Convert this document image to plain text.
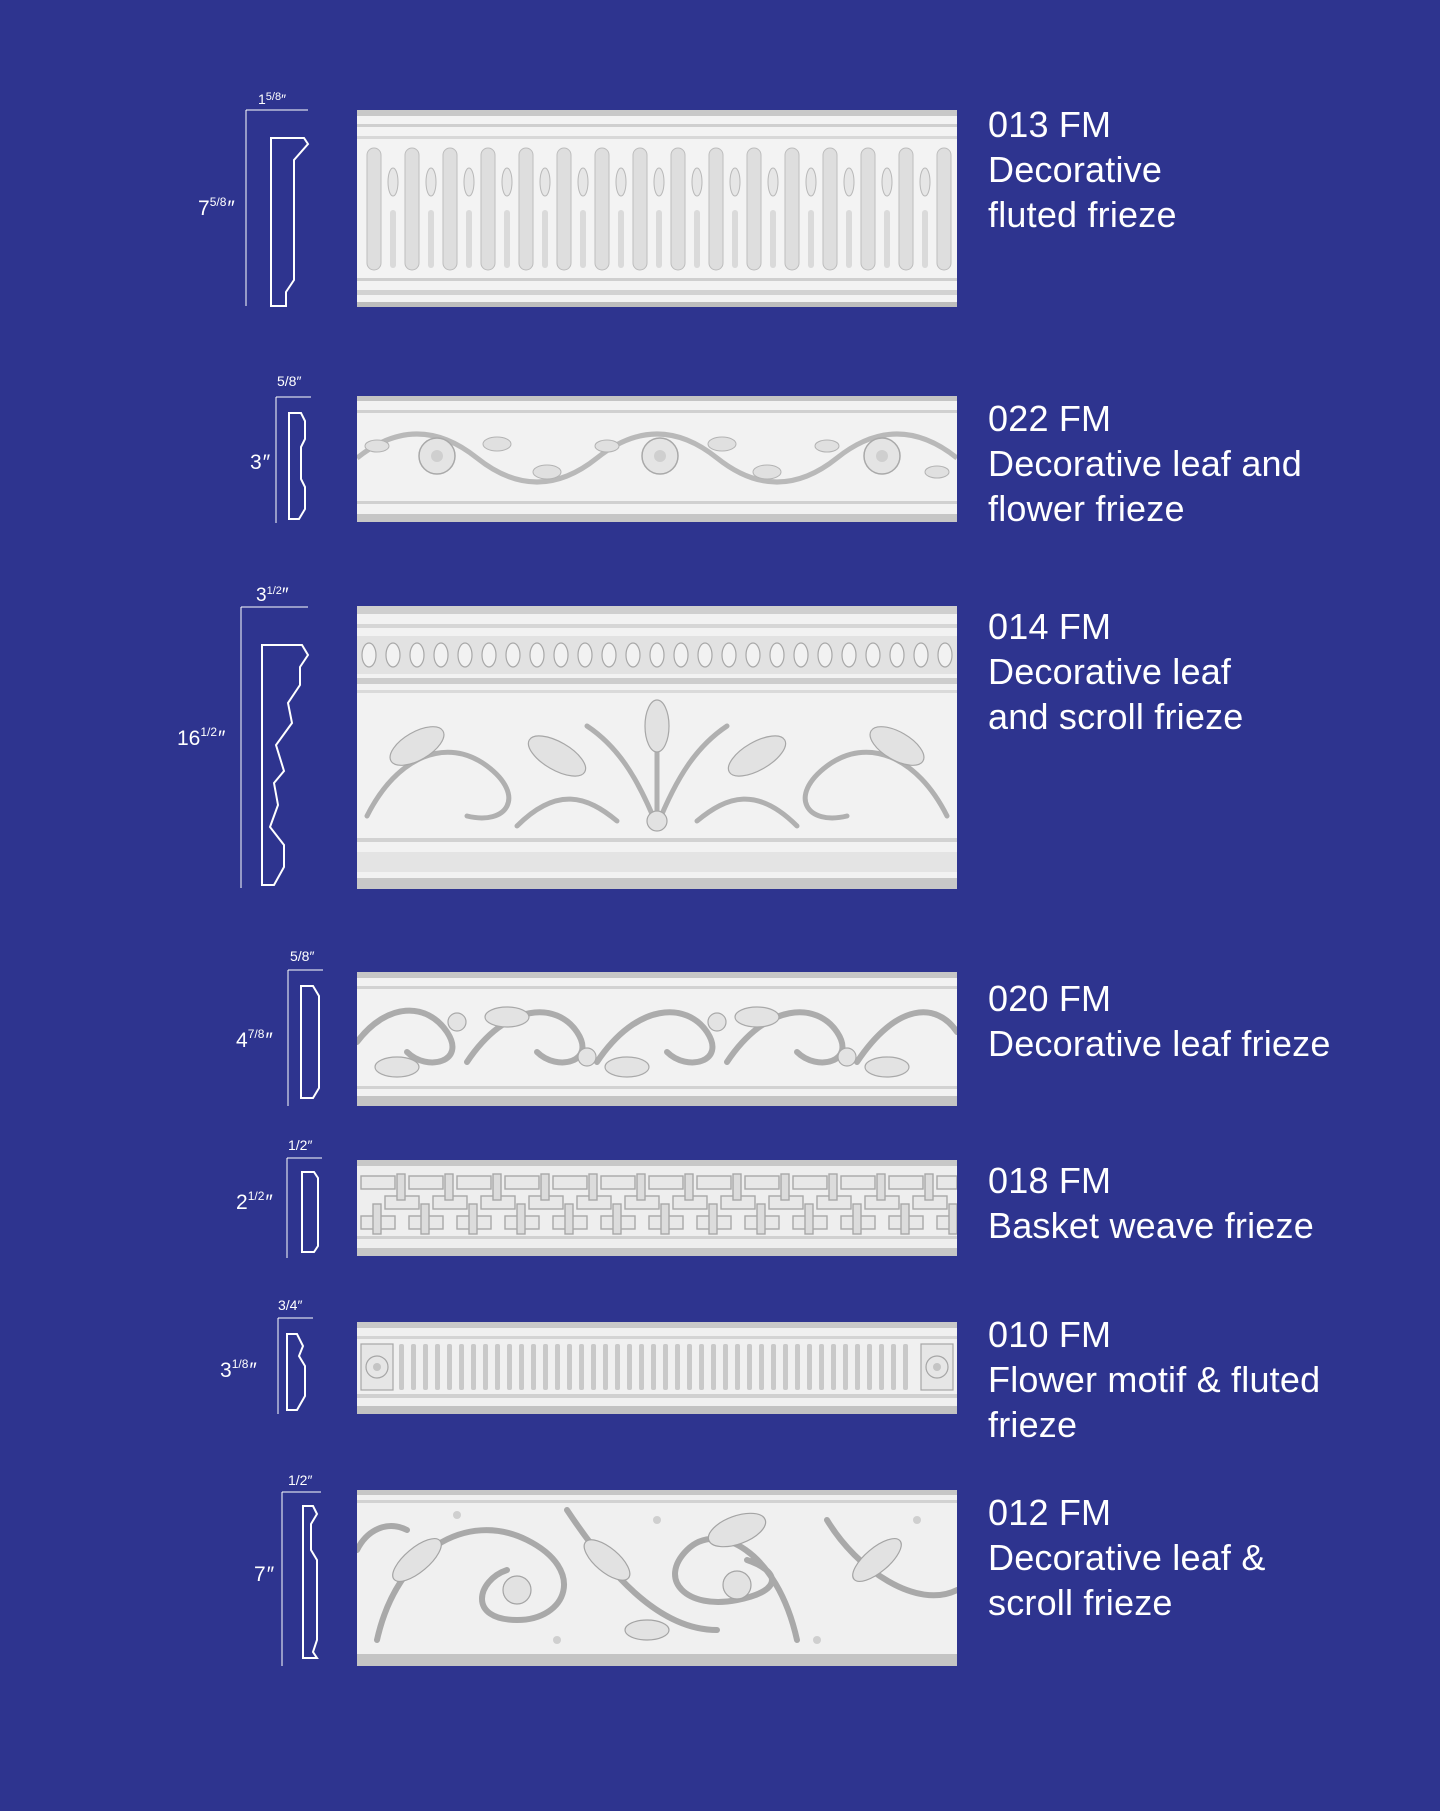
$1^{5/8}''$
$7^{5/8}''$
013 FM
Decorative
fluted frieze
5/8″
3″
022 FM
Decorative leaf and
flower frieze
$3^{1/2}''$
$16^{1/2}''$
014 FM
Decorative leaf
and scroll frieze
5/8″
$4^{7/8}''$
020 FM
Decorative leaf frieze
1/2″
$2^{1/2}''$
018 FM
Basket weave frieze
3/4″
$3^{1/8}''$
010 FM
Flower motif & fluted
frieze
1/2″
7″
012 FM
Decorative leaf &
scroll frieze
